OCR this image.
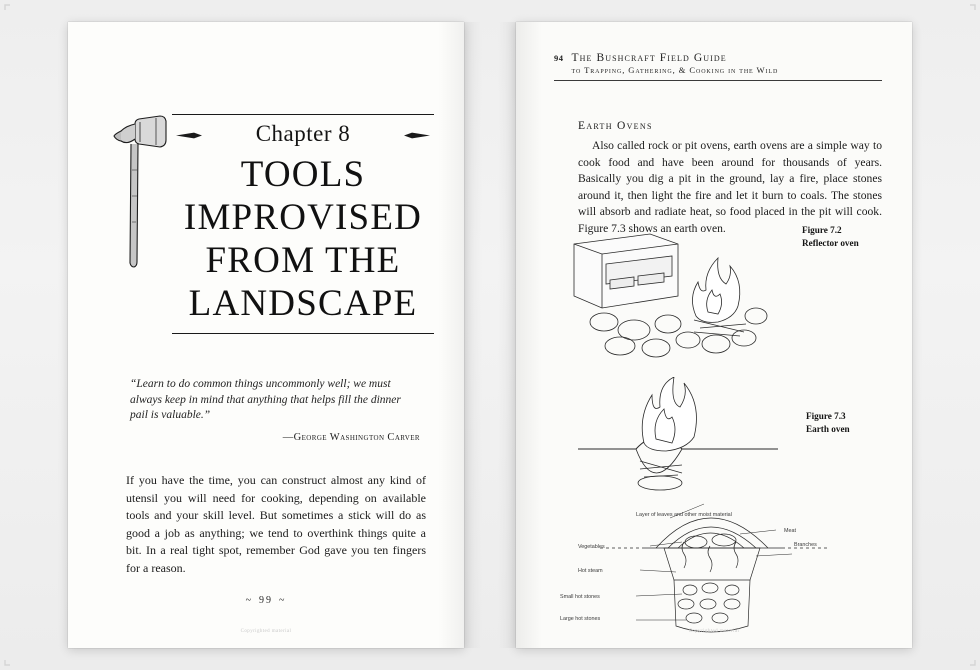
Chapter 8
TOOLS
IMPROVISED
FROM THE
LANDSCAPE
“Learn to do common things uncommonly well; we must always keep in mind that anything that helps fill the dinner pail is valuable.”
—George Washington Carver
If you have the time, you can construct almost any kind of utensil you will need for cooking, depending on available tools and your skill level. But sometimes a stick will do as good a job as anything; we tend to overthink things quite a bit. In a real tight spot, remember God gave you ten fingers for a reason.
~ 99 ~
Copyrighted material
94 The Bushcraft Field Guide
to Trapping, Gathering, & Cooking in the Wild
Earth Ovens
Also called rock or pit ovens, earth ovens are a simple way to cook food and have been around for thousands of years. Basically you dig a pit in the ground, lay a fire, place stones around it, then light the fire and let it burn to coals. The stones will absorb and radiate heat, so food placed in the pit will cook. Figure 7.3 shows an earth oven.	Figure 7.2
Reflector oven
Figure 7.3
Earth oven
Layer of leaves and other moist material
Meat
Vegetables	Branches
Hot steam
Small hot stones
Large hot stones
Copyrighted material
